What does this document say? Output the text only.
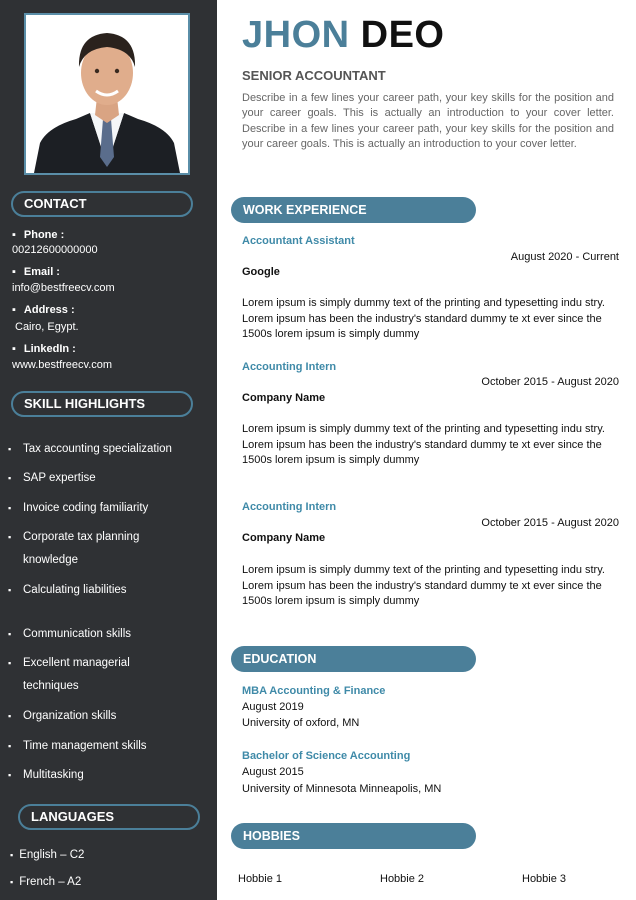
CONTACT
▪ Phone :
00212600000000
▪ Email :
info@bestfreecv.com
▪ Address :
Cairo, Egypt.
▪ LinkedIn :
www.bestfreecv.com
SKILL HIGHLIGHTS
▪ Tax accounting specialization
▪ SAP expertise
▪ Invoice coding familiarity
▪ Corporate tax planning knowledge
▪ Calculating liabilities
▪ Communication skills
▪ Excellent managerial techniques
▪ Organization skills
▪ Time management skills
▪ Multitasking
LANGUAGES
▪ English – C2
▪ French – A2
JHON DEO
SENIOR ACCOUNTANT
Describe in a few lines your career path, your key skills for the position and your career goals. This is actually an introduction to your cover letter. Describe in a few lines your career path, your key skills for the position and your career goals. This is actually an introduction to your cover letter.
WORK EXPERIENCE
Accountant Assistant
August 2020 - Current
Google
Lorem ipsum is simply dummy text of the printing and typesetting indu stry. Lorem ipsum has been the industry's standard dummy te xt ever since the 1500s lorem ipsum is simply dummy
Accounting Intern
October 2015 - August 2020
Company Name
Lorem ipsum is simply dummy text of the printing and typesetting indu stry. Lorem ipsum has been the industry's standard dummy te xt ever since the 1500s lorem ipsum is simply dummy
Accounting Intern
October 2015 - August 2020
Company Name
Lorem ipsum is simply dummy text of the printing and typesetting indu stry. Lorem ipsum has been the industry's standard dummy te xt ever since the 1500s lorem ipsum is simply dummy
EDUCATION
MBA Accounting & Finance
August 2019
University of oxford, MN
Bachelor of Science Accounting
August 2015
University of Minnesota Minneapolis, MN
HOBBIES
Hobbie 1	Hobbie 2	Hobbie 3
